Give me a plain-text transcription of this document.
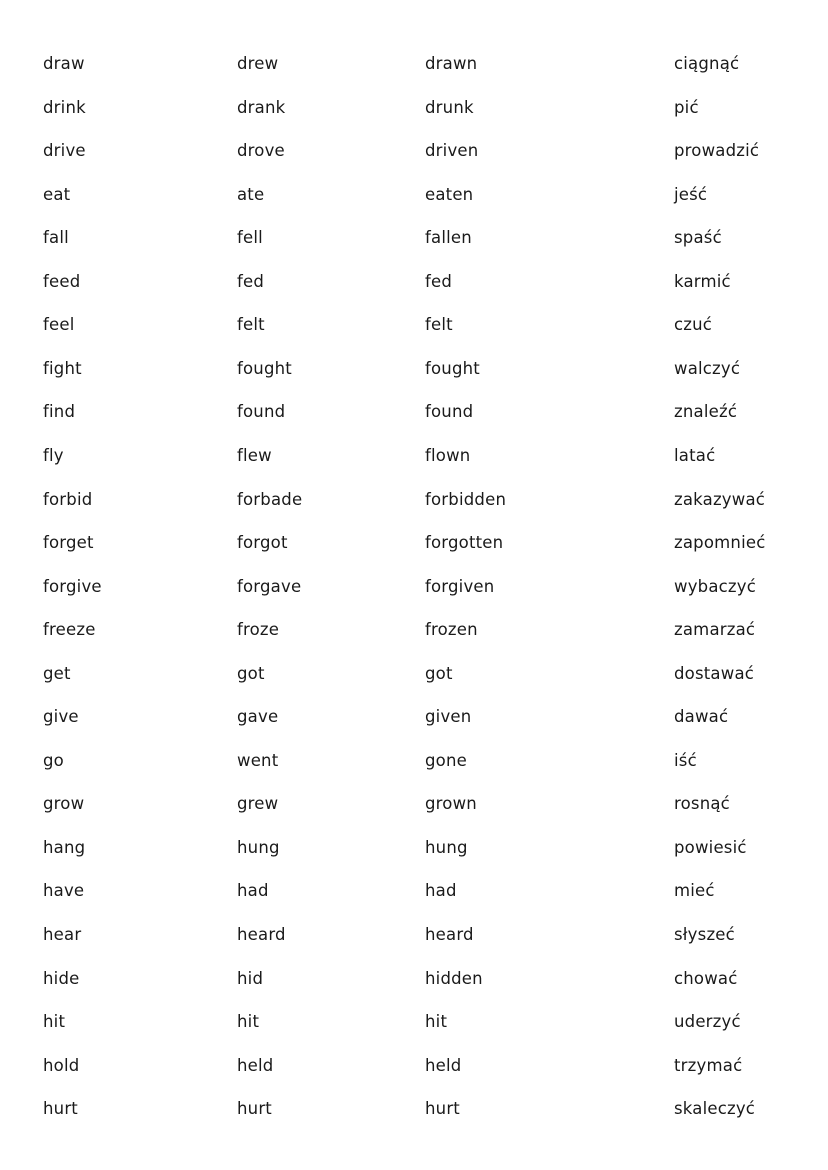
draw	drew	drawn	ciągnąć
drink	drank	drunk	pić
drive	drove	driven	prowadzić
eat	ate	eaten	jeść
fall	fell	fallen	spaść
feed	fed	fed	karmić
feel	felt	felt	czuć
fight	fought	fought	walczyć
find	found	found	znaleźć
fly	flew	flown	latać
forbid	forbade	forbidden	zakazywać
forget	forgot	forgotten	zapomnieć
forgive	forgave	forgiven	wybaczyć
freeze	froze	frozen	zamarzać
get	got	got	dostawać
give	gave	given	dawać
go	went	gone	iść
grow	grew	grown	rosnąć
hang	hung	hung	powiesić
have	had	had	mieć
hear	heard	heard	słyszeć
hide	hid	hidden	chować
hit	hit	hit	uderzyć
hold	held	held	trzymać
hurt	hurt	hurt	skaleczyć
